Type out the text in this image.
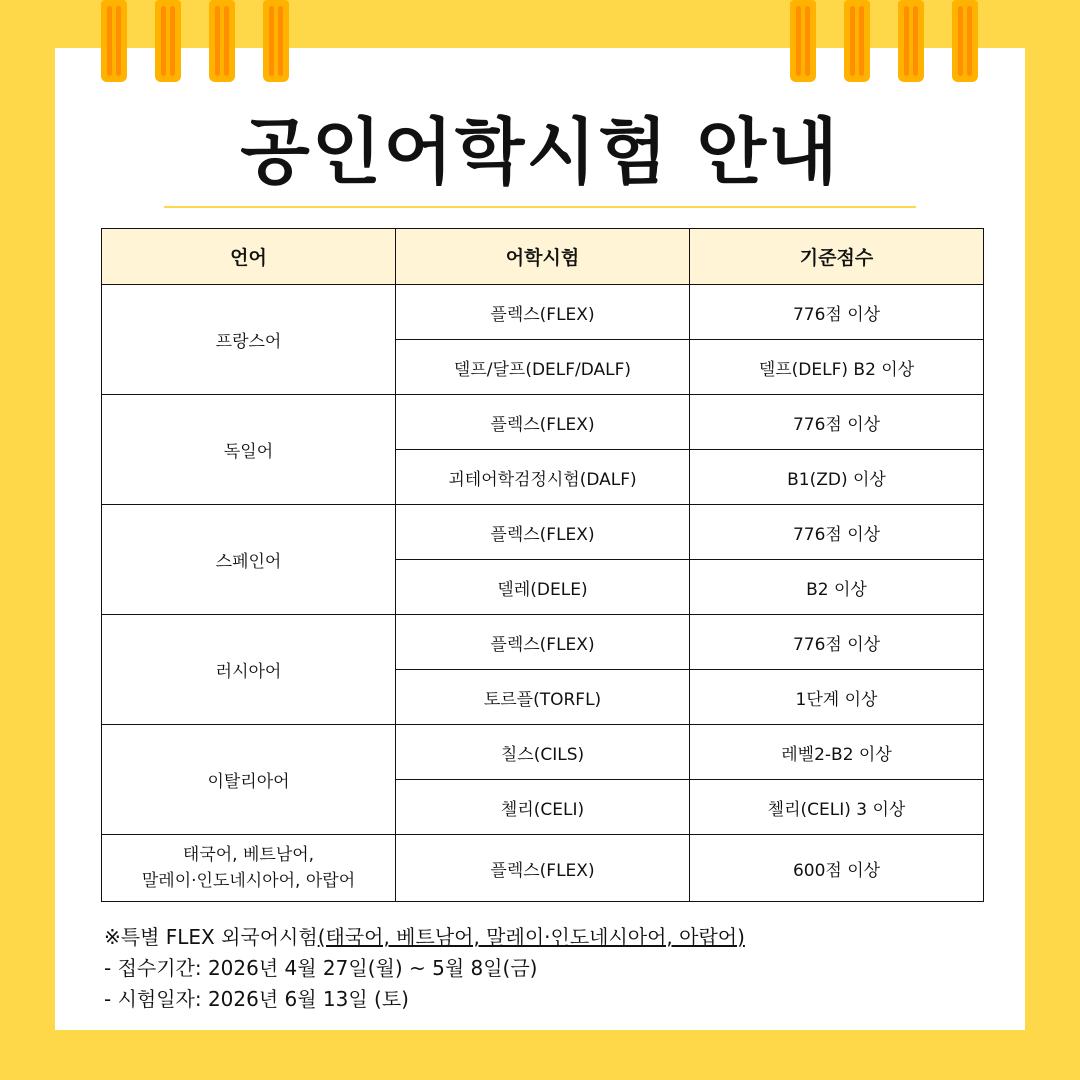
공인어학시험 안내
언어	어학시험	기준점수
프랑스어	플렉스(FLEX)	776점 이상
	델프/달프(DELF/DALF)	델프(DELF) B2 이상
독일어	플렉스(FLEX)	776점 이상
	괴테어학검정시험(DALF)	B1(ZD) 이상
스페인어	플렉스(FLEX)	776점 이상
	델레(DELE)	B2 이상
러시아어	플렉스(FLEX)	776점 이상
	토르플(TORFL)	1단계 이상
이탈리아어	칠스(CILS)	레벨2-B2 이상
	첼리(CELI)	첼리(CELI) 3 이상

태국어, 베트남어,
말레이·인도네시아어, 아랍어	플렉스(FLEX)	600점 이상
※특별 FLEX 외국어시험(태국어, 베트남어, 말레이·인도네시아어, 아랍어)
- 접수기간: 2026년 4월 27일(월) ~ 5월 8일(금)
- 시험일자: 2026년 6월 13일 (토)
